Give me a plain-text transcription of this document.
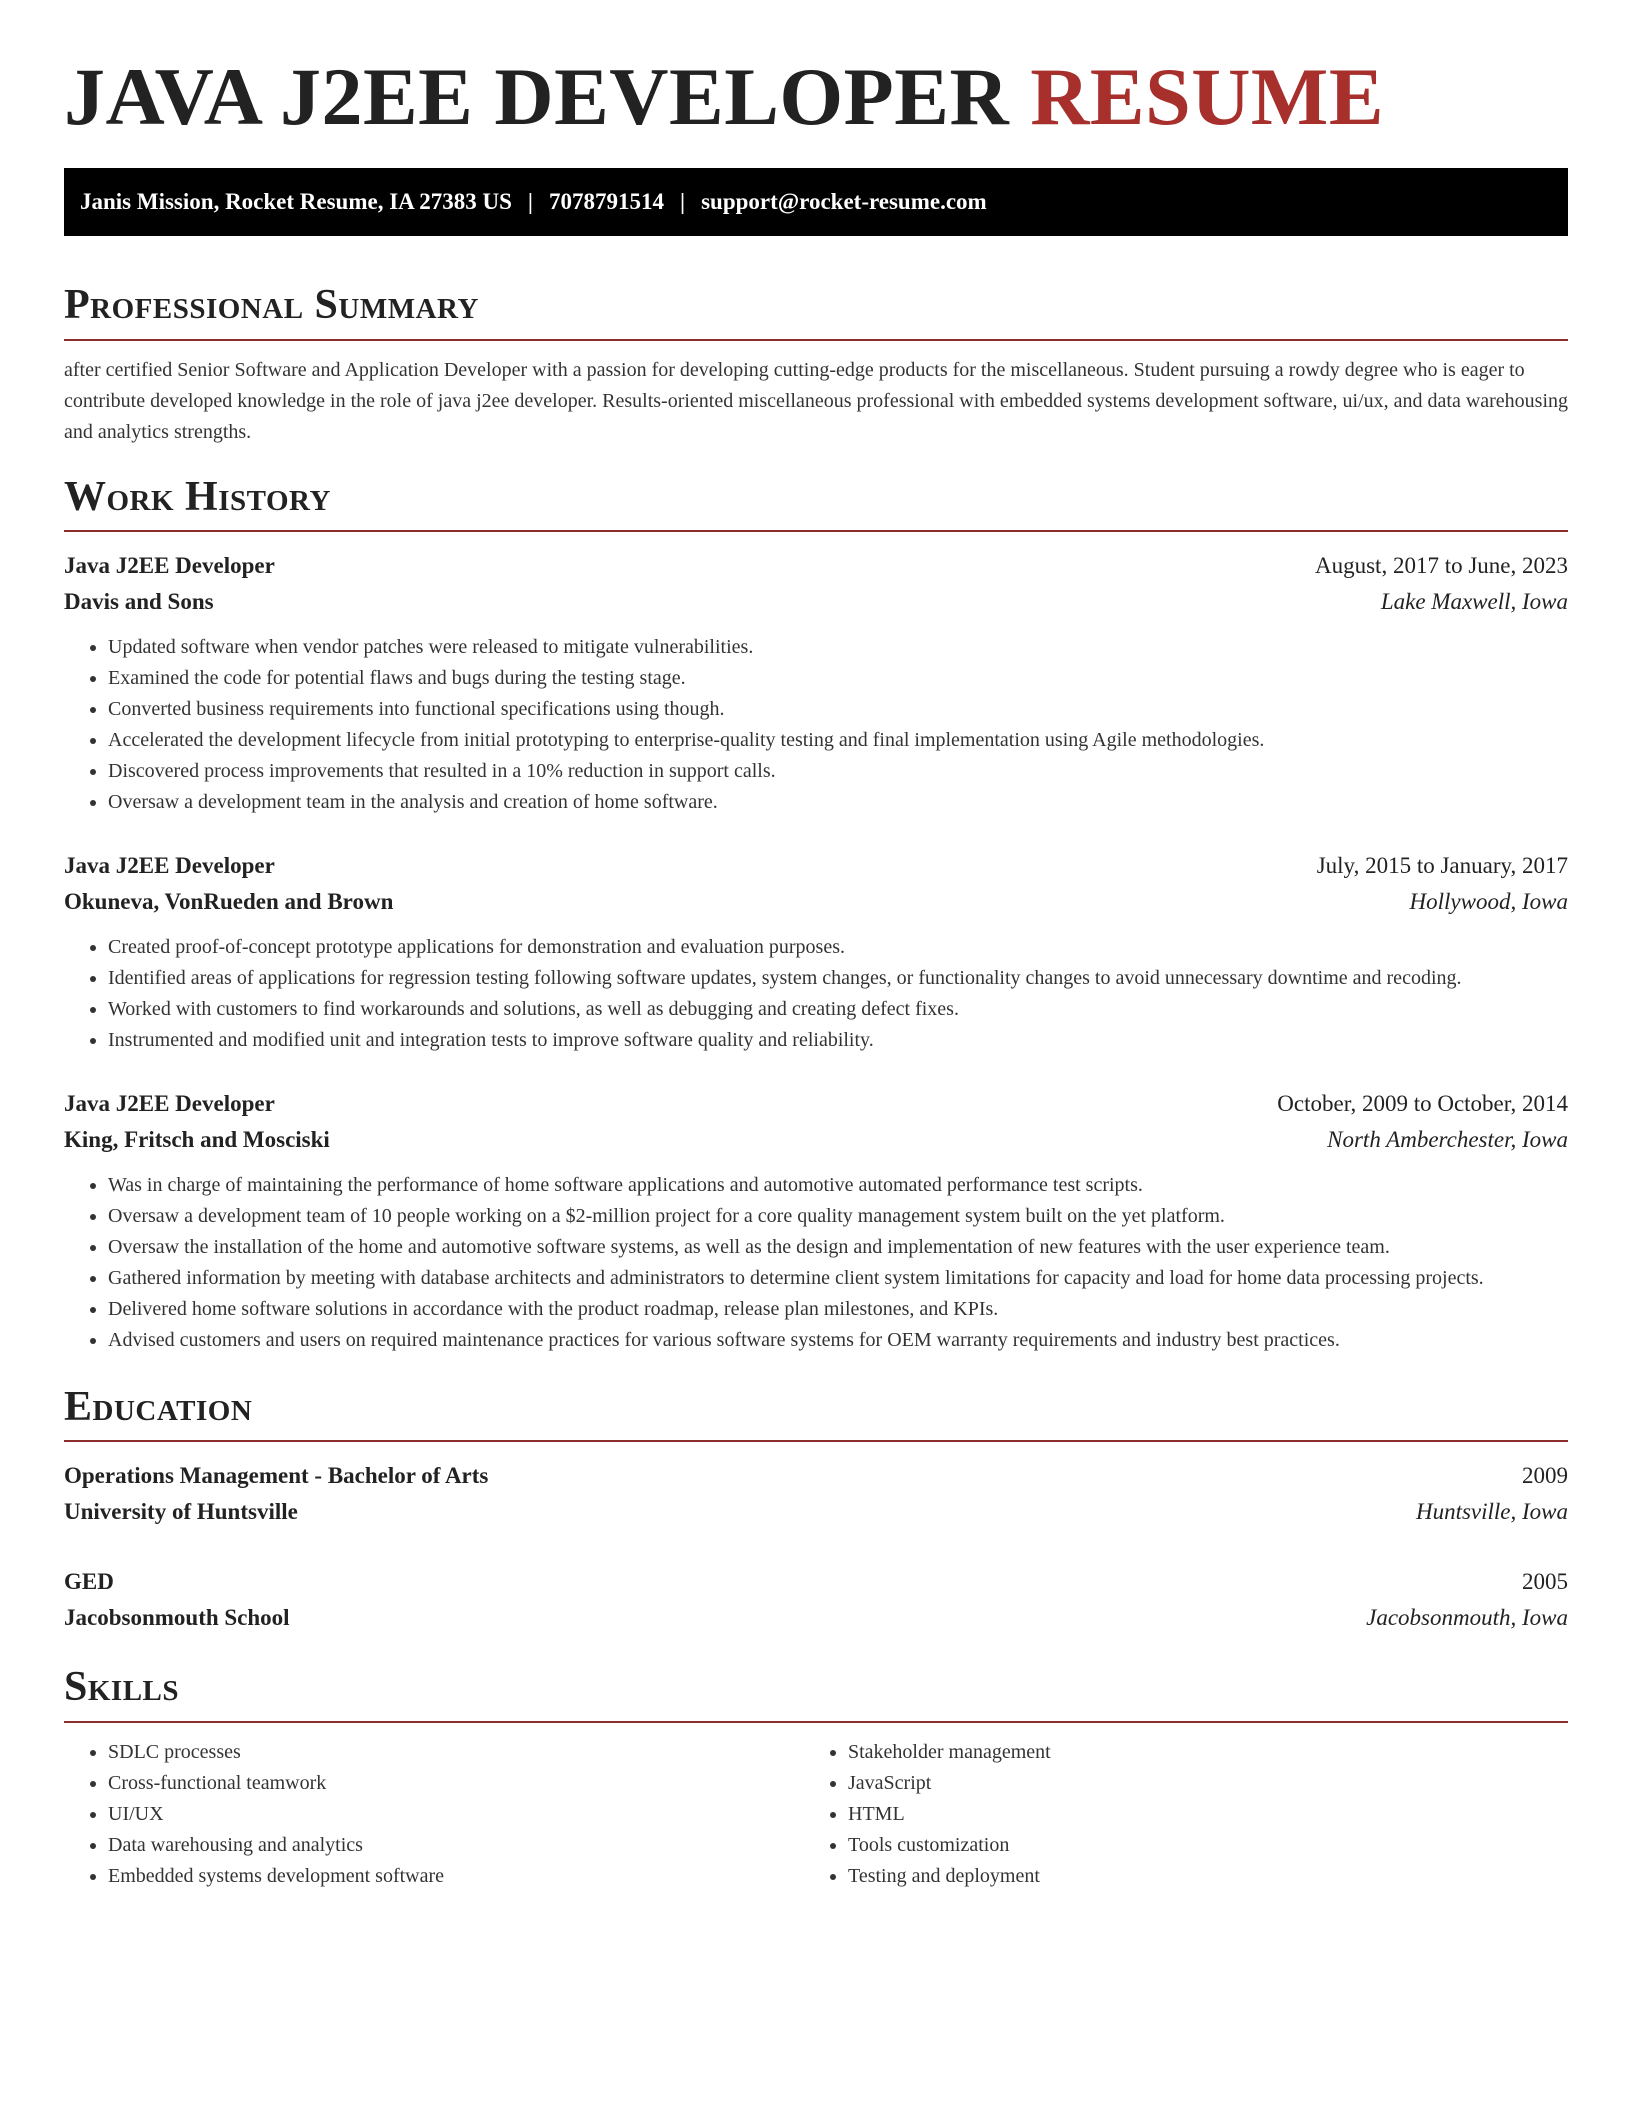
JAVA J2EE DEVELOPER RESUME
Janis Mission, Rocket Resume, IA 27383 US | 7078791514 | support@rocket-resume.com
Professional Summary

after certified Senior Software and Application Developer with a passion for developing cutting-edge products for the miscellaneous. Student pursuing a rowdy degree who is eager to contribute developed knowledge in the role of java j2ee developer. Results-oriented miscellaneous professional with embedded systems development software, ui/ux, and data warehousing and analytics strengths.

Work History
Java J2EE Developer	August, 2017 to June, 2023
Davis and Sons	Lake Maxwell, Iowa
• Updated software when vendor patches were released to mitigate vulnerabilities.
• Examined the code for potential flaws and bugs during the testing stage.
• Converted business requirements into functional specifications using though.
• Accelerated the development lifecycle from initial prototyping to enterprise-quality testing and final implementation using Agile methodologies.
• Discovered process improvements that resulted in a 10% reduction in support calls.
• Oversaw a development team in the analysis and creation of home software.
Java J2EE Developer	July, 2015 to January, 2017
Okuneva, VonRueden and Brown	Hollywood, Iowa
• Created proof-of-concept prototype applications for demonstration and evaluation purposes.
• Identified areas of applications for regression testing following software updates, system changes, or functionality changes to avoid unnecessary downtime and recoding.
• Worked with customers to find workarounds and solutions, as well as debugging and creating defect fixes.
• Instrumented and modified unit and integration tests to improve software quality and reliability.
Java J2EE Developer	October, 2009 to October, 2014
King, Fritsch and Mosciski	North Amberchester, Iowa
• Was in charge of maintaining the performance of home software applications and automotive automated performance test scripts.
• Oversaw a development team of 10 people working on a $2-million project for a core quality management system built on the yet platform.
• Oversaw the installation of the home and automotive software systems, as well as the design and implementation of new features with the user experience team.
• Gathered information by meeting with database architects and administrators to determine client system limitations for capacity and load for home data processing projects.
• Delivered home software solutions in accordance with the product roadmap, release plan milestones, and KPIs.
• Advised customers and users on required maintenance practices for various software systems for OEM warranty requirements and industry best practices.
Education
Operations Management - Bachelor of Arts	2009
University of Huntsville	Huntsville, Iowa
GED	2005
Jacobsonmouth School	Jacobsonmouth, Iowa
Skills
• SDLC processes
• Cross-functional teamwork
• UI/UX
• Data warehousing and analytics
• Embedded systems development software
• Stakeholder management
• JavaScript
• HTML
• Tools customization
• Testing and deployment
